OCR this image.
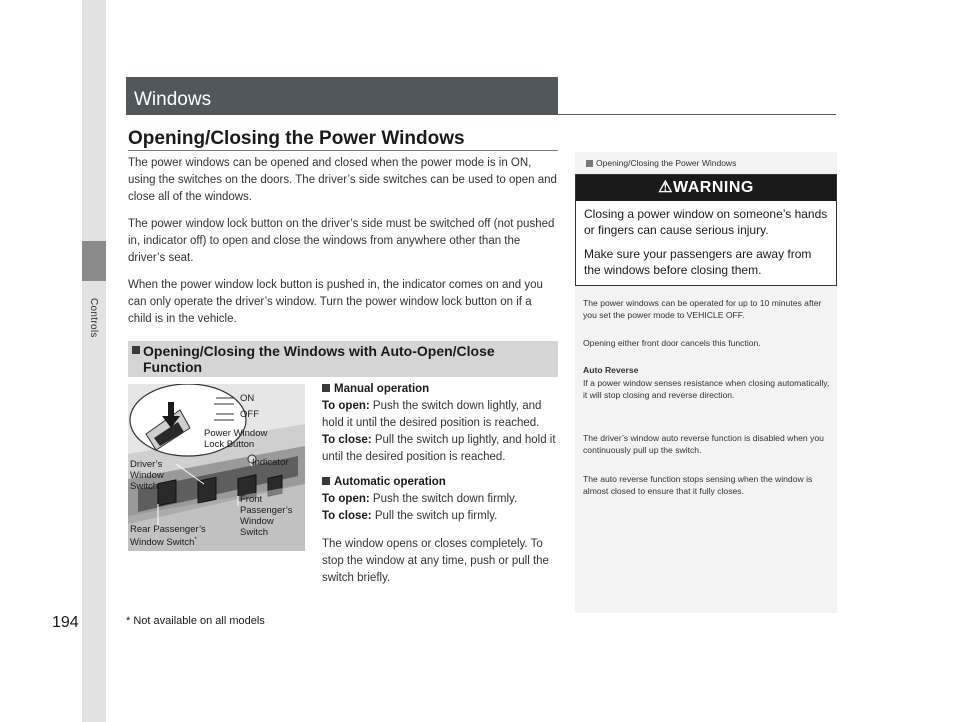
Controls
194
Windows
Opening/Closing the Power Windows

The power windows can be opened and closed when the power mode is in ON, using the switches on the doors. The driver’s side switches can be used to open and close all of the windows.

The power window lock button on the driver’s side must be switched off (not pushed in, indicator off) to open and close the windows from anywhere other than the driver’s seat.

When the power window lock button is pushed in, the indicator comes on and you can only operate the driver’s window. Turn the power window lock button on if a child is in the vehicle.

Opening/Closing the Windows with Auto-Open/Close Function
ON
OFF
Power Window Lock Button
Indicator
Driver’s Window Switch
Front Passenger’s Window Switch
Rear Passenger’s Window Switch*
Manual operation
To open: Push the switch down lightly, and hold it until the desired position is reached.
To close: Pull the switch up lightly, and hold it until the desired position is reached.
Automatic operation
To open: Push the switch down firmly.
To close: Pull the switch up firmly.
The window opens or closes completely. To stop the window at any time, push or pull the switch briefly.
Opening/Closing the Power Windows
⚠WARNING

Closing a power window on someone’s hands or fingers can cause serious injury.

Make sure your passengers are away from the windows before closing them.

The power windows can be operated for up to 10 minutes after you set the power mode to VEHICLE OFF.

Opening either front door cancels this function.

Auto Reverse

If a power window senses resistance when closing automatically, it will stop closing and reverse direction.

The driver’s window auto reverse function is disabled when you continuously pull up the switch.

The auto reverse function stops sensing when the window is almost closed to ensure that it fully closes.

* Not available on all models
